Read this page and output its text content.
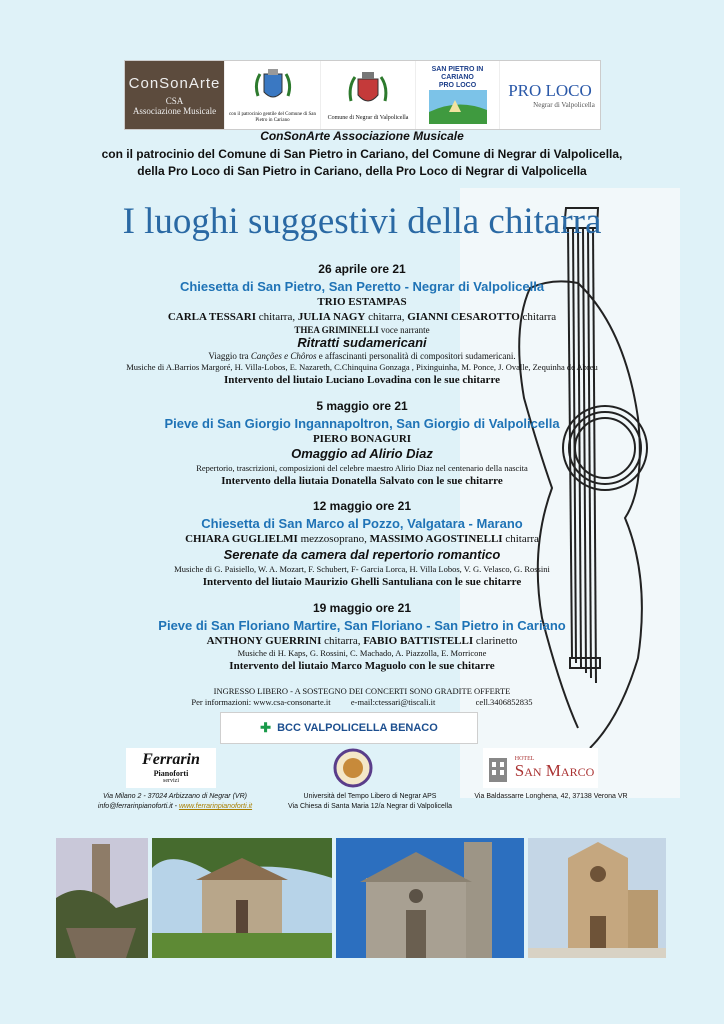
ConSonArte
CSA
Associazione Musicale	con il patrocinio gentile del Comune di San Pietro in Cariano	Comune di Negrar di Valpolicella
SAN PIETRO IN CARIANO
PRO LOCO PRO LOCO
Negrar di Valpolicella
ConSonArte Associazione Musicale
con il patrocinio del Comune di San Pietro in Cariano, del Comune di Negrar di Valpolicella,
della Pro Loco di San Pietro in Cariano, della Pro Loco di Negrar di Valpolicella
I luoghi suggestivi della chitarra
26 aprile ore 21
Chiesetta di San Pietro, San Peretto - Negrar di Valpolicella
TRIO ESTAMPAS
CARLA TESSARI chitarra, JULIA NAGY chitarra, GIANNI CESAROTTO chitarra
THEA GRIMINELLI voce narrante
Ritratti sudamericani
Viaggio tra Canções e Chôros e affascinanti personalità di compositori sudamericani.
Musiche di A.Barrios Margoré, H. Villa-Lobos, E. Nazareth, C.Chinquina Gonzaga , Pixinguinha, M. Ponce, J. Ovalle, Zequinha de Abreu
Intervento del liutaio Luciano Lovadina con le sue chitarre
5 maggio ore 21
Pieve di San Giorgio Ingannapoltron, San Giorgio di Valpolicella
PIERO BONAGURI
Omaggio ad Alirio Diaz
Repertorio, trascrizioni, composizioni del celebre maestro Alirio Diaz nel centenario della nascita
Intervento della liutaia Donatella Salvato con le sue chitarre
12 maggio ore 21
Chiesetta di San Marco al Pozzo, Valgatara - Marano
CHIARA GUGLIELMI mezzosoprano, MASSIMO AGOSTINELLI chitarra
Serenate da camera dal repertorio romantico
Musiche di G. Paisiello, W. A. Mozart, F. Schubert, F- Garcia Lorca, H. Villa Lobos, V. G. Velasco, G. Rossini
Intervento del liutaio Maurizio Ghelli Santuliana con le sue chitarre
19 maggio ore 21
Pieve di San Floriano Martire, San Floriano - San Pietro in Cariano
ANTHONY GUERRINI chitarra, FABIO BATTISTELLI clarinetto
Musiche di H. Kaps, G. Rossini, C. Machado, A. Piazzolla, E. Morricone
Intervento del liutaio Marco Maguolo con le sue chitarre
INGRESSO LIBERO - A SOSTEGNO DEI CONCERTI SONO GRADITE OFFERTE
Per informazioni: www.csa-consonarte.it e-mail:ctessari@tiscali.it	cell.3406852835
✚ BCC VALPOLICELLA BENACO
Ferrarin
Pianoforti
servizi
HOTEL
San Marco
Via Milano 2 - 37024 Arbizzano di Negrar (VR)
info@ferrarinpianoforti.it - www.ferrarinpianoforti.it
Università del Tempo Libero di Negrar APS
Via Chiesa di Santa Maria 12/a Negrar di Valpolicella
Via Baldassarre Longhena, 42, 37138 Verona VR
